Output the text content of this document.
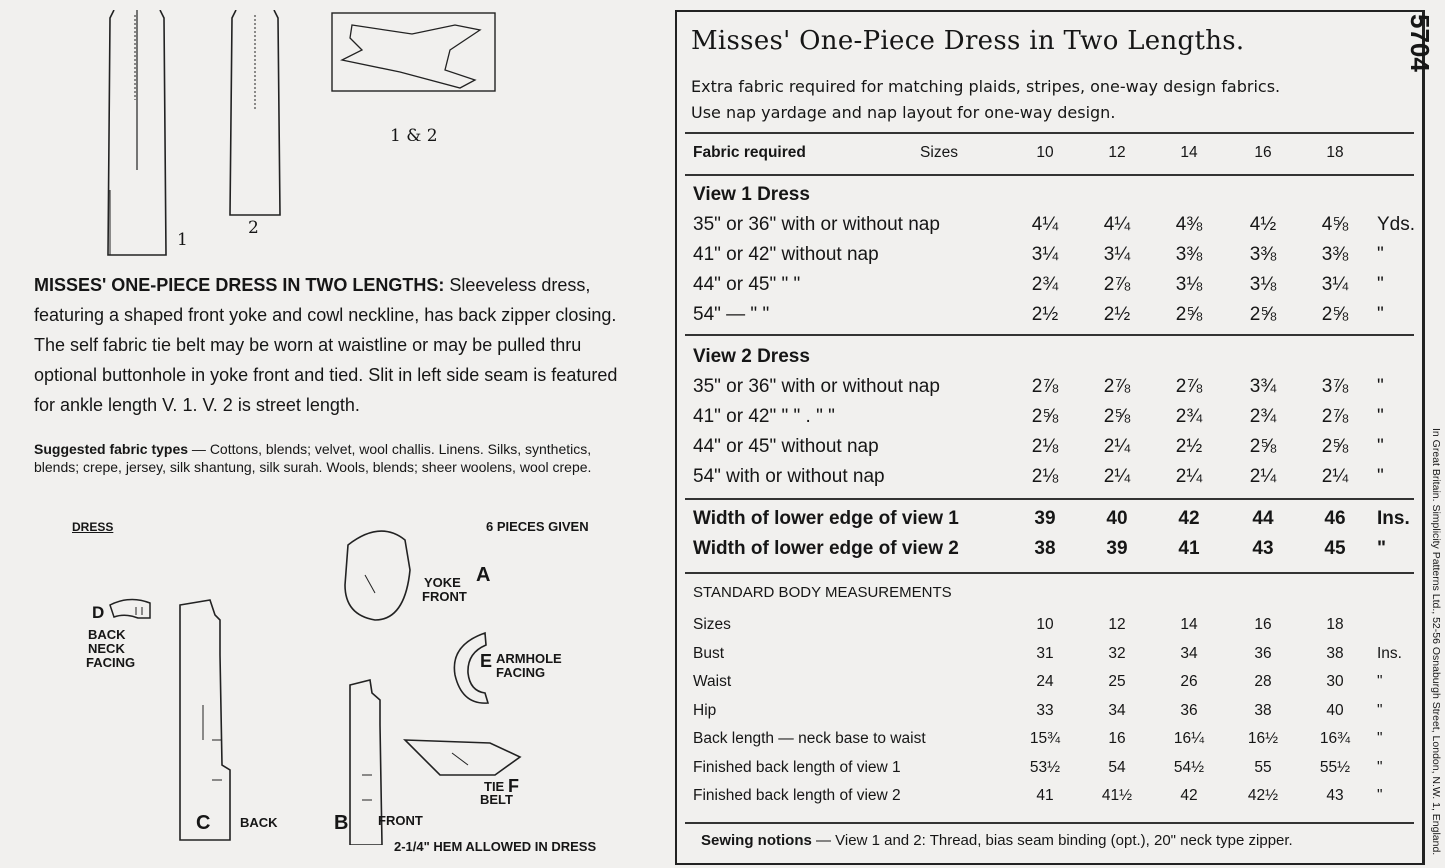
1 & 2
1
2
MISSES' ONE-PIECE DRESS IN TWO LENGTHS: Sleeveless dress, featuring a shaped front yoke and cowl neckline, has back zipper closing. The self fabric tie belt may be worn at waistline or may be pulled thru optional buttonhole in yoke front and tied. Slit in left side seam is featured for ankle length V. 1. V. 2 is street length.
Suggested fabric types — Cottons, blends; velvet, wool challis. Linens. Silks, synthetics, blends; crepe, jersey, silk shantung, silk surah. Wools, blends; sheer woolens, wool crepe.
DRESS	6 PIECES GIVEN
A
YOKE
FRONT
D
BACK
NECK
FACING	E ARMHOLE
FACING
F
TIE
BELT
C BACK	B FRONT
2-1/4" HEM ALLOWED IN DRESS
Misses' One-Piece Dress in Two Lengths.
Extra fabric required for matching plaids, stripes, one-way design fabrics.
Use nap yardage and nap layout for one-way design.
Fabric required	Sizes	10	12	14	16	18
View 1 Dress
35" or 36" with or without nap	4¼	4¼	4⅜	4½	4⅝	Yds.
41" or 42" without nap	3¼	3¼	3⅜	3⅜	3⅜	"
44" or 45" " "	2¾	2⅞	3⅛	3⅛	3¼	"
54" — " "	2½	2½	2⅝	2⅝	2⅝	"
View 2 Dress
35" or 36" with or without nap	2⅞	2⅞	2⅞	3¾	3⅞	"
41" or 42" " " . " "	2⅝	2⅝	2¾	2¾	2⅞	"
44" or 45" without nap	2⅛	2¼	2½	2⅝	2⅝	"
54" with or without nap	2⅛	2¼	2¼	2¼	2¼	"
Width of lower edge of view 1	39	40	42	44	46	Ins.
Width of lower edge of view 2	38	39	41	43	45	"
STANDARD BODY MEASUREMENTS
Sizes	10	12	14	16	18
Bust	31	32	34	36	38	Ins.
Waist	24	25	26	28	30	"
Hip	33	34	36	38	40	"
Back length — neck base to waist	15¾	16	16¼	16½	16¾	"
Finished back length of view 1	53½	54	54½	55	55½	"
Finished back length of view 2	41	41½	42	42½	43	"
Sewing notions — View 1 and 2: Thread, bias seam binding (opt.), 20" neck type zipper.
5704
In Great Britain. Simplicity Patterns Ltd., 52-56 Osnaburgh Street, London, N.W. 1, England.
